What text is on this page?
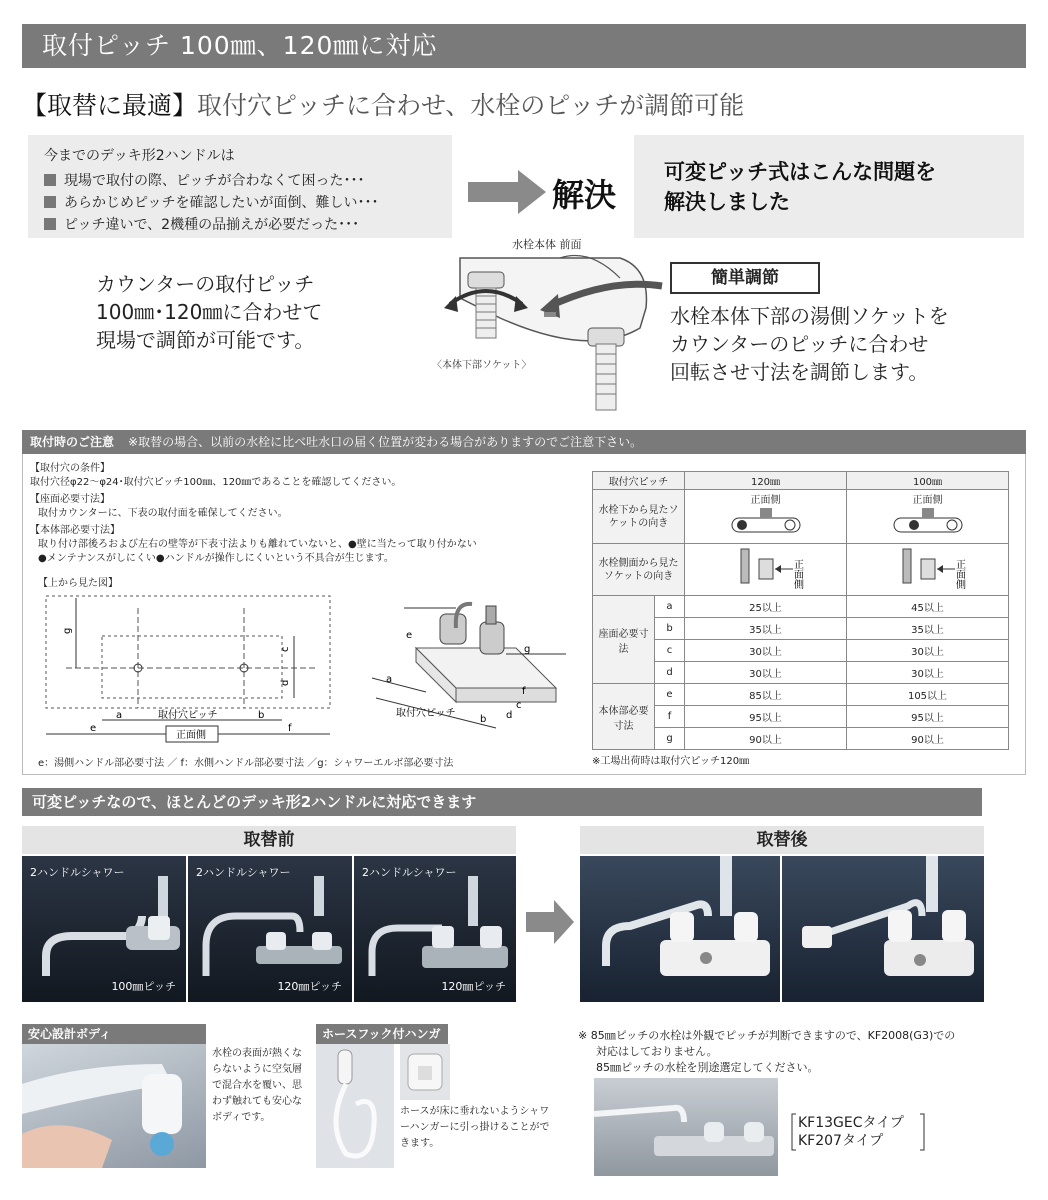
取付ピッチ 100㎜、120㎜に対応
【取替に最適】取付穴ピッチに合わせ、水栓のピッチが調節可能
今までのデッキ形2ハンドルは
現場で取付の際、ピッチが合わなくて困った･･･
あらかじめピッチを確認したいが面倒、難しい･･･
ピッチ違いで、2機種の品揃えが必要だった･･･
解決
可変ピッチ式はこんな問題を
解決しました
カウンターの取付ピッチ
100㎜･120㎜に合わせて
現場で調節が可能です。
水栓本体 前面
〈本体下部ソケット〉
簡単調節
水栓本体下部の湯側ソケットを
カウンターのピッチに合わせ
回転させ寸法を調節します。
取付時のご注意 ※取替の場合、以前の水栓に比べ吐水口の届く位置が変わる場合がありますのでご注意下さい。
【取付穴の条件】
取付穴径φ22～φ24･取付穴ピッチ100㎜、120㎜であることを確認してください。
【座面必要寸法】
取付カウンターに、下表の取付面を確保してください。
【本体部必要寸法】
取り付け部後ろおよび左右の壁等が下表寸法よりも離れていないと、●壁に当たって取り付かない
●メンテナンスがしにくい●ハンドルが操作しにくいという不具合が生じます。
【上から見た図】
g
c
d
a	取付穴ピッチ	b
e	f
正面側
e
a
取付穴ピッチ
b d
c
f
g
取付穴ピッチ		120㎜	100㎜
水栓下から見たソケットの向き		正面側	正面側

水栓側面から見たソケットの向き		正面側	正面側

座面必要寸法	a	25以上	45以上
	b	35以上	35以上
	c	30以上	30以上
	d	30以上	30以上
本体部必要寸法	e	85以上	105以上
	f	95以上	95以上
	g	90以上	90以上
※工場出荷時は取付穴ピッチ120㎜
e：湯側ハンドル部必要寸法 ／ f：水側ハンドル部必要寸法 ／g：シャワーエルボ部必要寸法
可変ピッチなので、ほとんどのデッキ形2ハンドルに対応できます
取替前	取替後
2ハンドルシャワー
100㎜ピッチ
2ハンドルシャワー
120㎜ピッチ
2ハンドルシャワー
120㎜ピッチ
安心設計ボディ
水栓の表面が熱くならないように空気層で混合水を覆い、思わず触れても安心なボディです。
ホースフック付ハンガ
ホースが床に垂れないようシャワーハンガーに引っ掛けることができます。
※ 85㎜ピッチの水栓は外観でピッチが判断できますので、KF2008(G3)での
対応はしておりません。
85㎜ピッチの水栓を別途選定してください。
KF13GECタイプ
KF207タイプ
